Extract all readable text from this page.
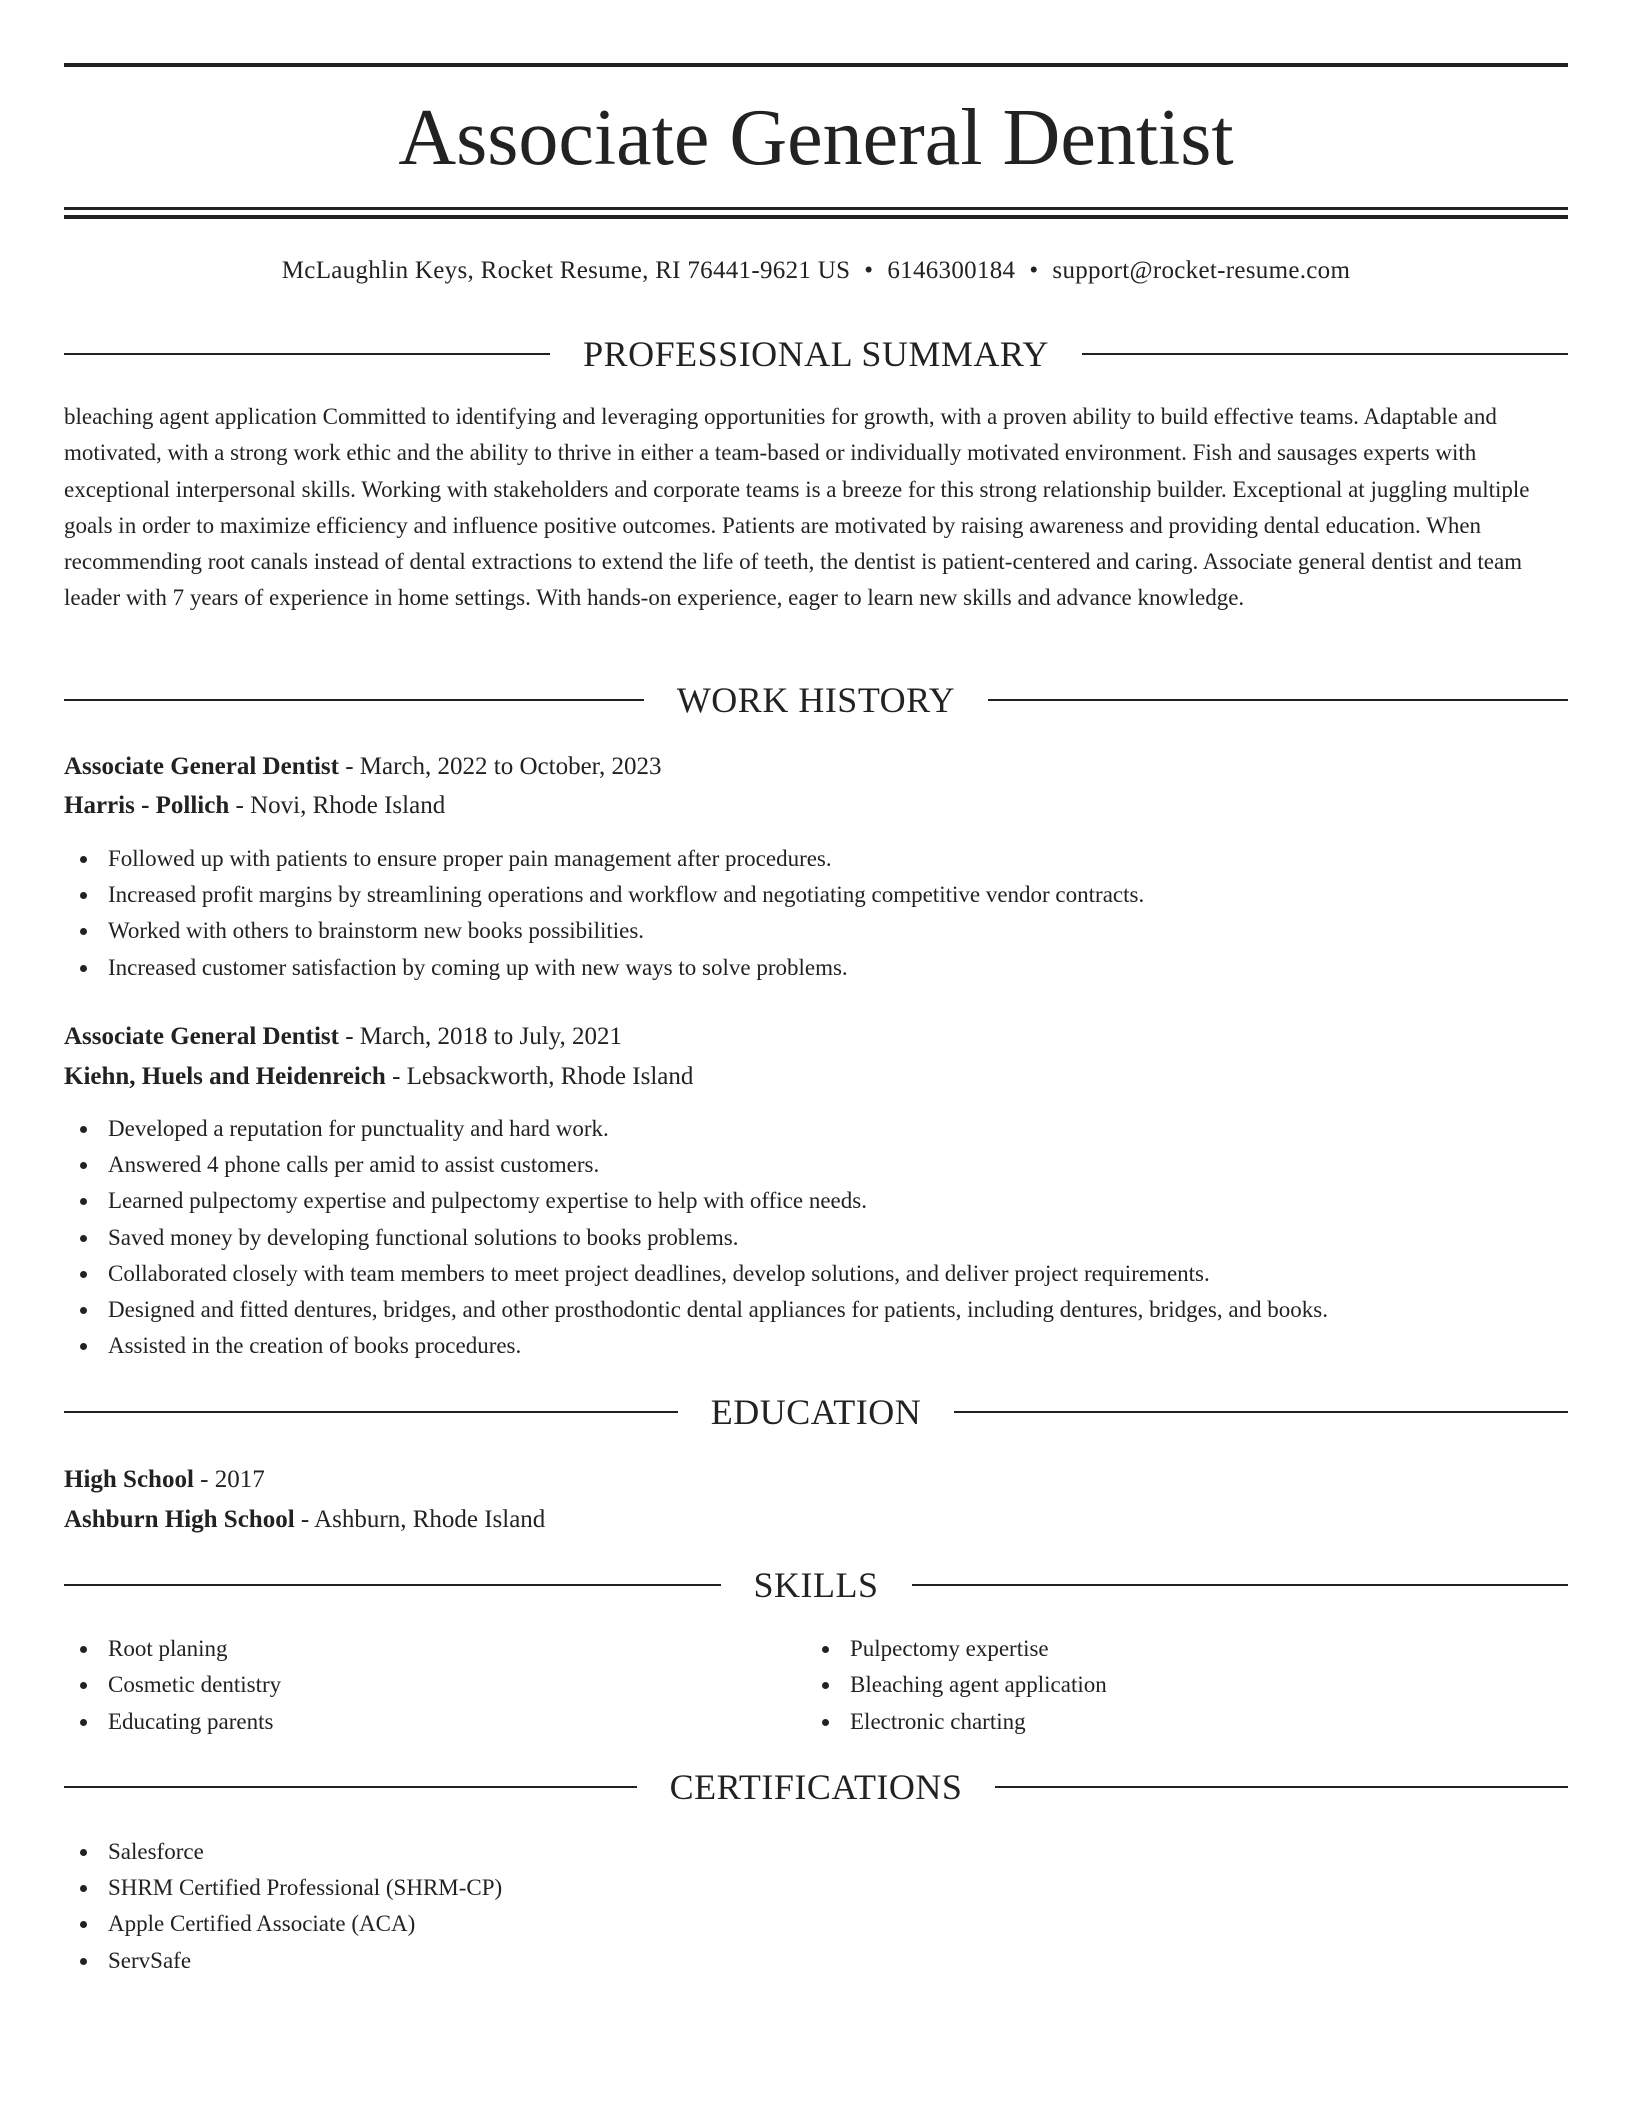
Associate General Dentist
McLaughlin Keys, Rocket Resume, RI 76441-9621 US • 6146300184 • support@rocket-resume.com
PROFESSIONAL SUMMARY
bleaching agent application Committed to identifying and leveraging opportunities for growth, with a proven ability to build effective teams. Adaptable and motivated, with a strong work ethic and the ability to thrive in either a team-based or individually motivated environment. Fish and sausages experts with exceptional interpersonal skills. Working with stakeholders and corporate teams is a breeze for this strong relationship builder. Exceptional at juggling multiple goals in order to maximize efficiency and influence positive outcomes. Patients are motivated by raising awareness and providing dental education. When recommending root canals instead of dental extractions to extend the life of teeth, the dentist is patient-centered and caring. Associate general dentist and team leader with 7 years of experience in home settings. With hands-on experience, eager to learn new skills and advance knowledge.
WORK HISTORY
Associate General Dentist - March, 2022 to October, 2023
Harris - Pollich - Novi, Rhode Island
Followed up with patients to ensure proper pain management after procedures.
Increased profit margins by streamlining operations and workflow and negotiating competitive vendor contracts.
Worked with others to brainstorm new books possibilities.
Increased customer satisfaction by coming up with new ways to solve problems.
Associate General Dentist - March, 2018 to July, 2021
Kiehn, Huels and Heidenreich - Lebsackworth, Rhode Island
Developed a reputation for punctuality and hard work.
Answered 4 phone calls per amid to assist customers.
Learned pulpectomy expertise and pulpectomy expertise to help with office needs.
Saved money by developing functional solutions to books problems.
Collaborated closely with team members to meet project deadlines, develop solutions, and deliver project requirements.
Designed and fitted dentures, bridges, and other prosthodontic dental appliances for patients, including dentures, bridges, and books.
Assisted in the creation of books procedures.
EDUCATION
High School - 2017
Ashburn High School - Ashburn, Rhode Island
SKILLS
Root planing
Cosmetic dentistry
Educating parents
Pulpectomy expertise
Bleaching agent application
Electronic charting
CERTIFICATIONS
Salesforce
SHRM Certified Professional (SHRM-CP)
Apple Certified Associate (ACA)
ServSafe
